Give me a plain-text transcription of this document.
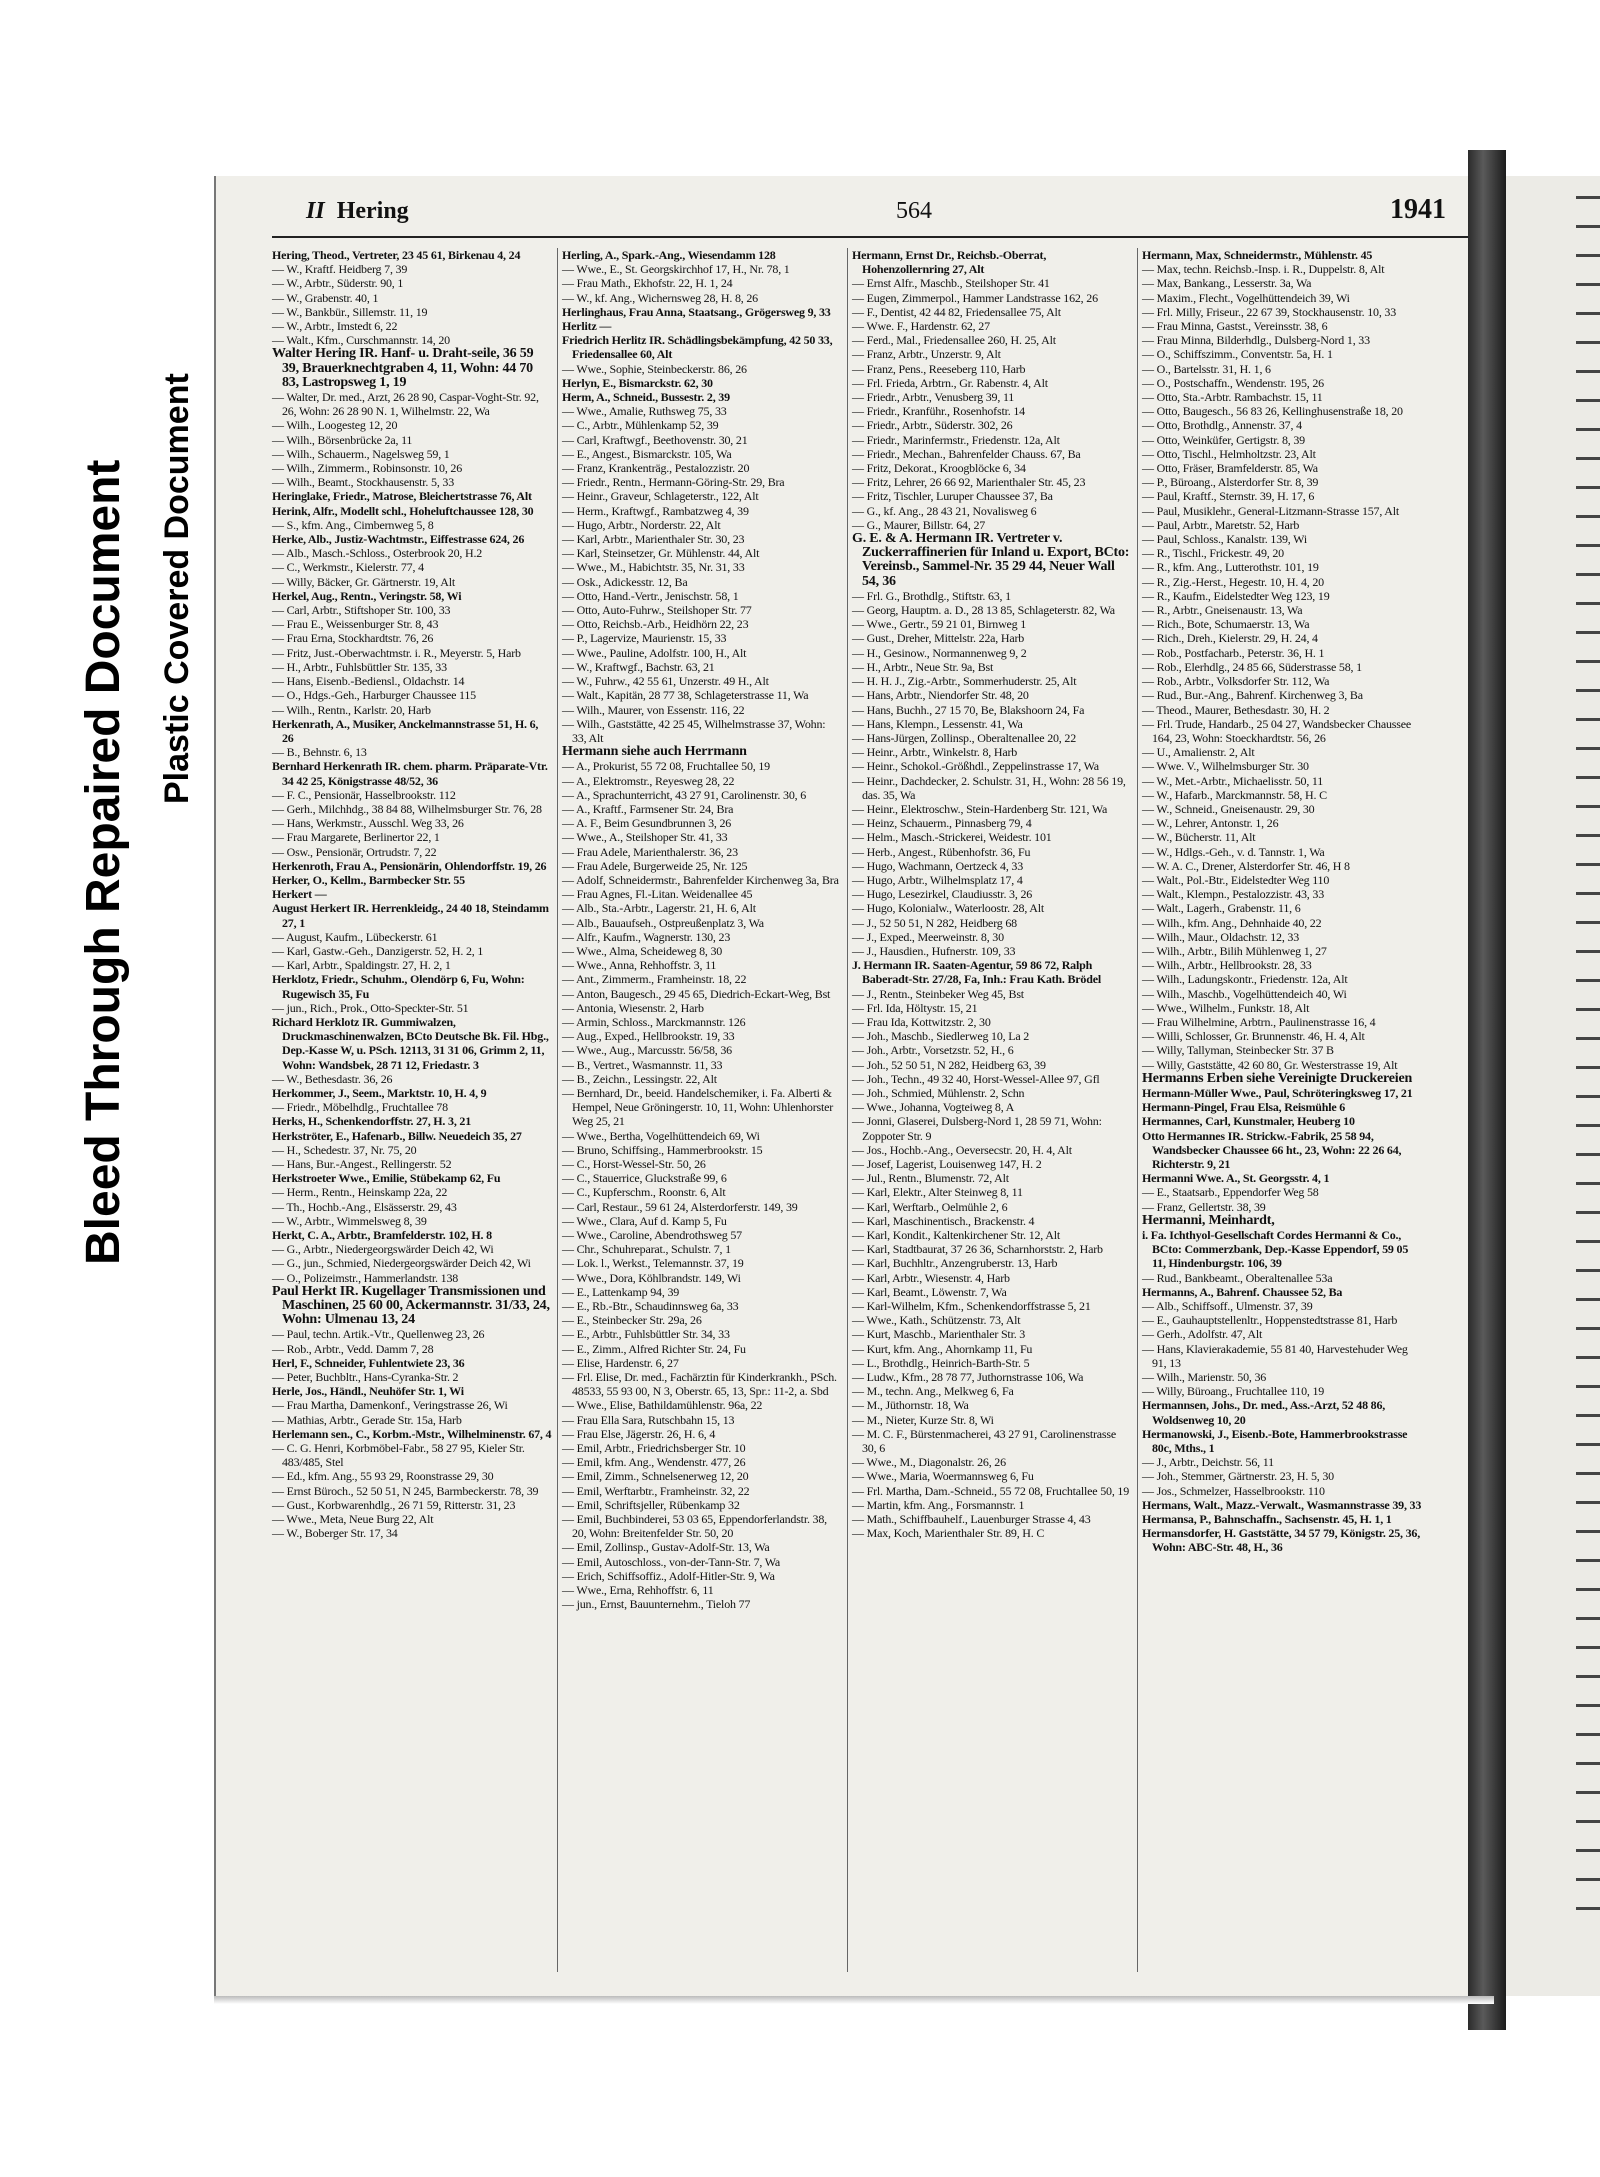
Bleed Through Repaired Document Plastic Covered Document
II Hering	564	1941

Hering, Theod., Vertreter, 23 45 61, Birkenau 4, 24

— W., Kraftf. Heidberg 7, 39

— W., Arbtr., Süderstr. 90, 1

— W., Grabenstr. 40, 1

— W., Bankbür., Sillemstr. 11, 19

— W., Arbtr., Imstedt 6, 22

— Walt., Kfm., Curschmannstr. 14, 20

Walter Hering IR. Hanf- u. Draht-seile, 36 59 39, Brauerknechtgraben 4, 11, Wohn: 44 70 83, Lastropsweg 1, 19

— Walter, Dr. med., Arzt, 26 28 90, Caspar-Voght-Str. 92, 26, Wohn: 26 28 90 N. 1, Wilhelmstr. 22, Wa

— Wilh., Loogesteg 12, 20

— Wilh., Börsenbrücke 2a, 11

— Wilh., Schauerm., Nagelsweg 59, 1

— Wilh., Zimmerm., Robinsonstr. 10, 26

— Wilh., Beamt., Stockhausenstr. 5, 33

Heringlake, Friedr., Matrose, Bleichertstrasse 76, Alt

Herink, Alfr., Modellt schl., Hoheluftchaussee 128, 30

— S., kfm. Ang., Cimbernweg 5, 8

Herke, Alb., Justiz-Wachtmstr., Eiffestrasse 624, 26

— Alb., Masch.-Schloss., Osterbrook 20, H.2

— C., Werkmstr., Kielerstr. 77, 4

— Willy, Bäcker, Gr. Gärtnerstr. 19, Alt

Herkel, Aug., Rentn., Veringstr. 58, Wi

— Carl, Arbtr., Stiftshoper Str. 100, 33

— Frau E., Weissenburger Str. 8, 43

— Frau Erna, Stockhardtstr. 76, 26

— Fritz, Just.-Oberwachtmstr. i. R., Meyerstr. 5, Harb

— H., Arbtr., Fuhlsbüttler Str. 135, 33

— Hans, Eisenb.-Bediensl., Oldachstr. 14

— O., Hdgs.-Geh., Harburger Chaussee 115

— Wilh., Rentn., Karlstr. 20, Harb

Herkenrath, A., Musiker, Anckelmannstrasse 51, H. 6, 26

— B., Behnstr. 6, 13

Bernhard Herkenrath IR. chem. pharm. Präparate-Vtr. 34 42 25, Königstrasse 48/52, 36

— F. C., Pensionär, Hasselbrookstr. 112

— Gerh., Milchhdg., 38 84 88, Wilhelmsburger Str. 76, 28

— Hans, Werkmstr., Ausschl. Weg 33, 26

— Frau Margarete, Berlinertor 22, 1

— Osw., Pensionär, Ortrudstr. 7, 22

Herkenroth, Frau A., Pensionärin, Ohlendorffstr. 19, 26

Herker, O., Kellm., Barmbecker Str. 55

Herkert —

August Herkert IR. Herrenkleidg., 24 40 18, Steindamm 27, 1

— August, Kaufm., Lübeckerstr. 61

— Karl, Gastw.-Geh., Danzigerstr. 52, H. 2, 1

— Karl, Arbtr., Spaldingstr. 27, H. 2, 1

Herklotz, Friedr., Schuhm., Olendörp 6, Fu, Wohn: Rugewisch 35, Fu

— jun., Rich., Prok., Otto-Speckter-Str. 51

Richard Herklotz IR. Gummiwalzen, Druckmaschinenwalzen, BCto Deutsche Bk. Fil. Hbg., Dep.-Kasse W, u. PSch. 12113, 31 31 06, Grimm 2, 11, Wohn: Wandsbek, 28 71 12, Friedastr. 3

— W., Bethesdastr. 36, 26

Herkommer, J., Seem., Marktstr. 10, H. 4, 9

— Friedr., Möbelhdlg., Fruchtallee 78

Herks, H., Schenkendorffstr. 27, H. 3, 21

Herkströter, E., Hafenarb., Billw. Neuedeich 35, 27

— H., Schedestr. 37, Nr. 75, 20

— Hans, Bur.-Angest., Rellingerstr. 52

Herkstroeter Wwe., Emilie, Stübekamp 62, Fu

— Herm., Rentn., Heinskamp 22a, 22

— Th., Hochb.-Ang., Elsässerstr. 29, 43

— W., Arbtr., Wimmelsweg 8, 39

Herkt, C. A., Arbtr., Bramfelderstr. 102, H. 8

— G., Arbtr., Niedergeorgswärder Deich 42, Wi

— G., jun., Schmied, Niedergeorgswärder Deich 42, Wi

— O., Polizeimstr., Hammerlandstr. 138

Paul Herkt IR. Kugellager Transmissionen und Maschinen, 25 60 00, Ackermannstr. 31/33, 24, Wohn: Ulmenau 13, 24

— Paul, techn. Artik.-Vtr., Quellenweg 23, 26

— Rob., Arbtr., Vedd. Damm 7, 28

Herl, F., Schneider, Fuhlentwiete 23, 36

— Peter, Buchbltr., Hans-Cyranka-Str. 2

Herle, Jos., Händl., Neuhöfer Str. 1, Wi

— Frau Martha, Damenkonf., Veringstrasse 26, Wi

— Mathias, Arbtr., Gerade Str. 15a, Harb

Herlemann sen., C., Korbm.-Mstr., Wilhelminenstr. 67, 4

— C. G. Henri, Korbmöbel-Fabr., 58 27 95, Kieler Str. 483/485, Stel

— Ed., kfm. Ang., 55 93 29, Roonstrasse 29, 30

— Ernst Büroch., 52 50 51, N 245, Barmbeckerstr. 78, 39

— Gust., Korbwarenhdlg., 26 71 59, Ritterstr. 31, 23

— Wwe., Meta, Neue Burg 22, Alt

— W., Boberger Str. 17, 34

Herling, A., Spark.-Ang., Wiesendamm 128

— Wwe., E., St. Georgskirchhof 17, H., Nr. 78, 1

— Frau Math., Ekhofstr. 22, H. 1, 24

— W., kf. Ang., Wichernsweg 28, H. 8, 26

Herlinghaus, Frau Anna, Staatsang., Grögersweg 9, 33

Herlitz —

Friedrich Herlitz IR. Schädlingsbekämpfung, 42 50 33, Friedensallee 60, Alt

— Wwe., Sophie, Steinbeckerstr. 86, 26

Herlyn, E., Bismarckstr. 62, 30

Herm, A., Schneid., Bussestr. 2, 39

— Wwe., Amalie, Ruthsweg 75, 33

— C., Arbtr., Mühlenkamp 52, 39

— Carl, Kraftwgf., Beethovenstr. 30, 21

— E., Angest., Bismarckstr. 105, Wa

— Franz, Krankenträg., Pestalozzistr. 20

— Friedr., Rentn., Hermann-Göring-Str. 29, Bra

— Heinr., Graveur, Schlageterstr., 122, Alt

— Herm., Kraftwgf., Rambatzweg 4, 39

— Hugo, Arbtr., Norderstr. 22, Alt

— Karl, Arbtr., Marienthaler Str. 30, 23

— Karl, Steinsetzer, Gr. Mühlenstr. 44, Alt

— Wwe., M., Habichtstr. 35, Nr. 31, 33

— Osk., Adickesstr. 12, Ba

— Otto, Hand.-Vertr., Jenischstr. 58, 1

— Otto, Auto-Fuhrw., Steilshoper Str. 77

— Otto, Reichsb.-Arb., Heidhörn 22, 23

— P., Lagervize, Maurienstr. 15, 33

— Wwe., Pauline, Adolfstr. 100, H., Alt

— W., Kraftwgf., Bachstr. 63, 21

— W., Fuhrw., 42 55 61, Unzerstr. 49 H., Alt

— Walt., Kapitän, 28 77 38, Schlageterstrasse 11, Wa

— Wilh., Maurer, von Essenstr. 116, 22

— Wilh., Gaststätte, 42 25 45, Wilhelmstrasse 37, Wohn: 33, Alt

Hermann siehe auch Herrmann

— A., Prokurist, 55 72 08, Fruchtallee 50, 19

— A., Elektromstr., Reyesweg 28, 22

— A., Sprachunterricht, 43 27 91, Carolinenstr. 30, 6

— A., Kraftf., Farmsener Str. 24, Bra

— A. F., Beim Gesundbrunnen 3, 26

— Wwe., A., Steilshoper Str. 41, 33

— Frau Adele, Marienthalerstr. 36, 23

— Frau Adele, Burgerweide 25, Nr. 125

— Adolf, Schneidermstr., Bahrenfelder Kirchenweg 3a, Bra

— Frau Agnes, Fl.-Litan. Weidenallee 45

— Alb., Sta.-Arbtr., Lagerstr. 21, H. 6, Alt

— Alb., Bauaufseh., Ostpreußenplatz 3, Wa

— Alfr., Kaufm., Wagnerstr. 130, 23

— Wwe., Alma, Scheideweg 8, 30

— Wwe., Anna, Rehhoffstr. 3, 11

— Ant., Zimmerm., Framheinstr. 18, 22

— Anton, Baugesch., 29 45 65, Diedrich-Eckart-Weg, Bst

— Antonia, Wiesenstr. 2, Harb

— Armin, Schloss., Marckmannstr. 126

— Aug., Exped., Hellbrookstr. 19, 33

— Wwe., Aug., Marcusstr. 56/58, 36

— B., Vertret., Wasmannstr. 11, 33

— B., Zeichn., Lessingstr. 22, Alt

— Bernhard, Dr., beeid. Handelschemiker, i. Fa. Alberti & Hempel, Neue Gröningerstr. 10, 11, Wohn: Uhlenhorster Weg 25, 21

— Wwe., Bertha, Vogelhüttendeich 69, Wi

— Bruno, Schiffsing., Hammerbrookstr. 15

— C., Horst-Wessel-Str. 50, 26

— C., Stauerrice, Gluckstraße 99, 6

— C., Kupferschm., Roonstr. 6, Alt

— Carl, Restaur., 59 61 24, Alsterdorferstr. 149, 39

— Wwe., Clara, Auf d. Kamp 5, Fu

— Wwe., Caroline, Abendrothsweg 57

— Chr., Schuhreparat., Schulstr. 7, 1

— Lok. l., Werkst., Telemannstr. 37, 19

— Wwe., Dora, Köhlbrandstr. 149, Wi

— E., Lattenkamp 94, 39

— E., Rb.-Btr., Schaudinnsweg 6a, 33

— E., Steinbecker Str. 29a, 26

— E., Arbtr., Fuhlsbüttler Str. 34, 33

— E., Zimm., Alfred Richter Str. 24, Fu

— Elise, Hardenstr. 6, 27

— Frl. Elise, Dr. med., Fachärztin für Kinderkrankh., PSch. 48533, 55 93 00, N 3, Oberstr. 65, 13, Spr.: 11-2, a. Sbd

— Wwe., Elise, Bathildamühlenstr. 96a, 22

— Frau Ella Sara, Rutschbahn 15, 13

— Frau Else, Jägerstr. 26, H. 6, 4

— Emil, Arbtr., Friedrichsberger Str. 10

— Emil, kfm. Ang., Wendenstr. 477, 26

— Emil, Zimm., Schnelsenerweg 12, 20

— Emil, Werftarbtr., Framheinstr. 32, 22

— Emil, Schriftsjeller, Rübenkamp 32

— Emil, Buchbinderei, 53 03 65, Eppendorferlandstr. 38, 20, Wohn: Breitenfelder Str. 50, 20

— Emil, Zollinsp., Gustav-Adolf-Str. 13, Wa

— Emil, Autoschloss., von-der-Tann-Str. 7, Wa

— Erich, Schiffsoffiz., Adolf-Hitler-Str. 9, Wa

— Wwe., Erna, Rehhoffstr. 6, 11

— jun., Ernst, Bauunternehm., Tieloh 77

Hermann, Ernst Dr., Reichsb.-Oberrat, Hohenzollernring 27, Alt

— Ernst Alfr., Maschb., Steilshoper Str. 41

— Eugen, Zimmerpol., Hammer Landstrasse 162, 26

— F., Dentist, 42 44 82, Friedensallee 75, Alt

— Wwe. F., Hardenstr. 62, 27

— Ferd., Mal., Friedensallee 260, H. 25, Alt

— Franz, Arbtr., Unzerstr. 9, Alt

— Franz, Pens., Reeseberg 110, Harb

— Frl. Frieda, Arbtrn., Gr. Rabenstr. 4, Alt

— Friedr., Arbtr., Venusberg 39, 11

— Friedr., Kranführ., Rosenhofstr. 14

— Friedr., Arbtr., Süderstr. 302, 26

— Friedr., Marinfermstr., Friedenstr. 12a, Alt

— Friedr., Mechan., Bahrenfelder Chauss. 67, Ba

— Fritz, Dekorat., Kroogblöcke 6, 34

— Fritz, Lehrer, 26 66 92, Marienthaler Str. 45, 23

— Fritz, Tischler, Luruper Chaussee 37, Ba

— G., kf. Ang., 28 43 21, Novalisweg 6

— G., Maurer, Billstr. 64, 27

G. E. & A. Hermann IR. Vertreter v. Zuckerraffinerien für Inland u. Export, BCto: Vereinsb., Sammel-Nr. 35 29 44, Neuer Wall 54, 36

— Frl. G., Brothdlg., Stiftstr. 63, 1

— Georg, Hauptm. a. D., 28 13 85, Schlageterstr. 82, Wa

— Wwe., Gertr., 59 21 01, Birnweg 1

— Gust., Dreher, Mittelstr. 22a, Harb

— H., Gesinow., Normannenweg 9, 2

— H., Arbtr., Neue Str. 9a, Bst

— H. H. J., Zig.-Arbtr., Sommerhuderstr. 25, Alt

— Hans, Arbtr., Niendorfer Str. 48, 20

— Hans, Buchh., 27 15 70, Be, Blakshoorn 24, Fa

— Hans, Klempn., Lessenstr. 41, Wa

— Hans-Jürgen, Zollinsp., Oberaltenallee 20, 22

— Heinr., Arbtr., Winkelstr. 8, Harb

— Heinr., Schokol.-Größhdl., Zeppelinstrasse 17, Wa

— Heinr., Dachdecker, 2. Schulstr. 31, H., Wohn: 28 56 19, das. 35, Wa

— Heinr., Elektroschw., Stein-Hardenberg Str. 121, Wa

— Heinz, Schauerm., Pinnasberg 79, 4

— Helm., Masch.-Strickerei, Weidestr. 101

— Herb., Angest., Rübenhofstr. 36, Fu

— Hugo, Wachmann, Oertzeck 4, 33

— Hugo, Arbtr., Wilhelmsplatz 17, 4

— Hugo, Lesezirkel, Claudiusstr. 3, 26

— Hugo, Kolonialw., Waterloostr. 28, Alt

— J., 52 50 51, N 282, Heidberg 68

— J., Exped., Meerweinstr. 8, 30

— J., Hausdien., Hufnerstr. 109, 33

J. Hermann IR. Saaten-Agentur, 59 86 72, Ralph Baberadt-Str. 27/28, Fa, Inh.: Frau Kath. Brödel

— J., Rentn., Steinbeker Weg 45, Bst

— Frl. Ida, Höltystr. 15, 21

— Frau Ida, Kottwitzstr. 2, 30

— Joh., Maschb., Siedlerweg 10, La 2

— Joh., Arbtr., Vorsetzstr. 52, H., 6

— Joh., 52 50 51, N 282, Heidberg 63, 39

— Joh., Techn., 49 32 40, Horst-Wessel-Allee 97, Gfl

— Joh., Schmied, Mühlenstr. 2, Schn

— Wwe., Johanna, Vogteiweg 8, A

— Jonni, Glaserei, Dulsberg-Nord 1, 28 59 71, Wohn: Zoppoter Str. 9

— Jos., Hochb.-Ang., Oeversecstr. 20, H. 4, Alt

— Josef, Lagerist, Louisenweg 147, H. 2

— Jul., Rentn., Blumenstr. 72, Alt

— Karl, Elektr., Alter Steinweg 8, 11

— Karl, Werftarb., Oelmühle 2, 6

— Karl, Maschinentisch., Brackenstr. 4

— Karl, Kondit., Kaltenkirchener Str. 12, Alt

— Karl, Stadtbaurat, 37 26 36, Scharnhorststr. 2, Harb

— Karl, Buchhltr., Anzengruberstr. 13, Harb

— Karl, Arbtr., Wiesenstr. 4, Harb

— Karl, Beamt., Löwenstr. 7, Wa

— Karl-Wilhelm, Kfm., Schenkendorffstrasse 5, 21

— Wwe., Kath., Schützenstr. 73, Alt

— Kurt, Maschb., Marienthaler Str. 3

— Kurt, kfm. Ang., Ahornkamp 11, Fu

— L., Brothdlg., Heinrich-Barth-Str. 5

— Ludw., Kfm., 28 78 77, Juthornstrasse 106, Wa

— M., techn. Ang., Melkweg 6, Fa

— M., Jüthornstr. 18, Wa

— M., Nieter, Kurze Str. 8, Wi

— M. C. F., Bürstenmacherei, 43 27 91, Carolinenstrasse 30, 6

— Wwe., M., Diagonalstr. 26, 26

— Wwe., Maria, Woermannsweg 6, Fu

— Frl. Martha, Dam.-Schneid., 55 72 08, Fruchtallee 50, 19

— Martin, kfm. Ang., Forsmannstr. 1

— Math., Schiffbauhelf., Lauenburger Strasse 4, 43

— Max, Koch, Marienthaler Str. 89, H. C

Hermann, Max, Schneidermstr., Mühlenstr. 45

— Max, techn. Reichsb.-Insp. i. R., Duppelstr. 8, Alt

— Max, Bankang., Lesserstr. 3a, Wa

— Maxim., Flecht., Vogelhüttendeich 39, Wi

— Frl. Milly, Friseur., 22 67 39, Stockhausenstr. 10, 33

— Frau Minna, Gastst., Vereinsstr. 38, 6

— Frau Minna, Bilderhdlg., Dulsberg-Nord 1, 33

— O., Schiffszimm., Conventstr. 5a, H. 1

— O., Bartelsstr. 31, H. 1, 6

— O., Postschaffn., Wendenstr. 195, 26

— Otto, Sta.-Arbtr. Rambachstr. 15, 11

— Otto, Baugesch., 56 83 26, Kellinghusenstraße 18, 20

— Otto, Brothdlg., Annenstr. 37, 4

— Otto, Weinküfer, Gertigstr. 8, 39

— Otto, Tischl., Helmholtzstr. 23, Alt

— Otto, Fräser, Bramfelderstr. 85, Wa

— P., Büroang., Alsterdorfer Str. 8, 39

— Paul, Kraftf., Sternstr. 39, H. 17, 6

— Paul, Musiklehr., General-Litzmann-Strasse 157, Alt

— Paul, Arbtr., Maretstr. 52, Harb

— Paul, Schloss., Kanalstr. 139, Wi

— R., Tischl., Frickestr. 49, 20

— R., kfm. Ang., Lutterothstr. 101, 19

— R., Zig.-Herst., Hegestr. 10, H. 4, 20

— R., Kaufm., Eidelstedter Weg 123, 19

— R., Arbtr., Gneisenaustr. 13, Wa

— Rich., Bote, Schumaerstr. 13, Wa

— Rich., Dreh., Kielerstr. 29, H. 24, 4

— Rob., Postfacharb., Peterstr. 36, H. 1

— Rob., Elerhdlg., 24 85 66, Süderstrasse 58, 1

— Rob., Arbtr., Volksdorfer Str. 112, Wa

— Rud., Bur.-Ang., Bahrenf. Kirchenweg 3, Ba

— Theod., Maurer, Bethesdastr. 30, H. 2

— Frl. Trude, Handarb., 25 04 27, Wandsbecker Chaussee 164, 23, Wohn: Stoeckhardtstr. 56, 26

— U., Amalienstr. 2, Alt

— Wwe. V., Wilhelmsburger Str. 30

— W., Met.-Arbtr., Michaelisstr. 50, 11

— W., Hafarb., Marckmannstr. 58, H. C

— W., Schneid., Gneisenaustr. 29, 30

— W., Lehrer, Antonstr. 1, 26

— W., Bücherstr. 11, Alt

— W., Hdlgs.-Geh., v. d. Tannstr. 1, Wa

— W. A. C., Drener, Alsterdorfer Str. 46, H 8

— Walt., Pol.-Btr., Eidelstedter Weg 110

— Walt., Klempn., Pestalozzistr. 43, 33

— Walt., Lagerh., Grabenstr. 11, 6

— Wilh., kfm. Ang., Dehnhaide 40, 22

— Wilh., Maur., Oldachstr. 12, 33

— Wilh., Arbtr., Bilih Mühlenweg 1, 27

— Wilh., Arbtr., Hellbrookstr. 28, 33

— Wilh., Ladungskontr., Friedenstr. 12a, Alt

— Wilh., Maschb., Vogelhüttendeich 40, Wi

— Wwe., Wilhelm., Funkstr. 18, Alt

— Frau Wilhelmine, Arbtrn., Paulinenstrasse 16, 4

— Willi, Schlosser, Gr. Brunnenstr. 46, H. 4, Alt

— Willy, Tallyman, Steinbecker Str. 37 B

— Willy, Gaststätte, 42 60 80, Gr. Westerstrasse 19, Alt

Hermanns Erben siehe Vereinigte Druckereien

Hermann-Müller Wwe., Paul, Schröteringksweg 17, 21

Hermann-Pingel, Frau Elsa, Reismühle 6

Hermannes, Carl, Kunstmaler, Heuberg 10

Otto Hermannes IR. Strickw.-Fabrik, 25 58 94, Wandsbecker Chaussee 66 ht., 23, Wohn: 22 26 64, Richterstr. 9, 21

Hermanni Wwe. A., St. Georgsstr. 4, 1

— E., Staatsarb., Eppendorfer Weg 58

— Franz, Gellertstr. 38, 39

Hermanni, Meinhardt,

i. Fa. Ichthyol-Gesellschaft Cordes Hermanni & Co., BCto: Commerzbank, Dep.-Kasse Eppendorf, 59 05 11, Hindenburgstr. 106, 39

— Rud., Bankbeamt., Oberaltenallee 53a

Hermanns, A., Bahrenf. Chaussee 52, Ba

— Alb., Schiffsoff., Ulmenstr. 37, 39

— E., Gauhauptstellenltr., Hoppenstedtstrasse 81, Harb

— Gerh., Adolfstr. 47, Alt

— Hans, Klavierakademie, 55 81 40, Harvestehuder Weg 91, 13

— Wilh., Marienstr. 50, 36

— Willy, Büroang., Fruchtallee 110, 19

Hermannsen, Johs., Dr. med., Ass.-Arzt, 52 48 86, Woldsenweg 10, 20

Hermanowski, J., Eisenb.-Bote, Hammerbrookstrasse 80c, Mths., 1

— J., Arbtr., Deichstr. 56, 11

— Joh., Stemmer, Gärtnerstr. 23, H. 5, 30

— Jos., Schmelzer, Hasselbrookstr. 110

Hermans, Walt., Mazz.-Verwalt., Wasmannstrasse 39, 33

Hermansa, P., Bahnschaffn., Sachsenstr. 45, H. 1, 1

Hermansdorfer, H. Gaststätte, 34 57 79, Königstr. 25, 36, Wohn: ABC-Str. 48, H., 36
